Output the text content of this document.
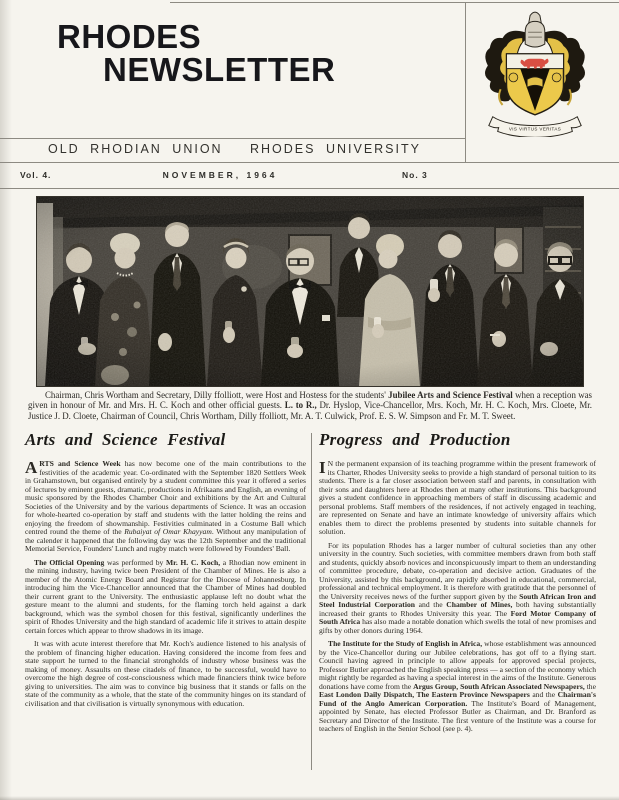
RHODES
NEWSLETTER
VIS VIRTUS VERITAS
OLD RHODIAN UNION RHODES UNIVERSITY
Vol. 4.	NOVEMBER, 1964	No. 3

Chairman, Chris Wortham and Secretary, Dilly ffolliott, were Host and Hostess for the students' Jubilee Arts and Science Festival when a reception was given in honour of Mr. and Mrs. H. C. Koch and other official guests. L. to R., Dr. Hyslop, Vice-Chancellor, Mrs. Koch, Mr. H. C. Koch, Mrs. Cloete, Mr. Justice J. D. Cloete, Chairman of Council, Chris Wortham, Dilly ffolliott, Mr. A. T. Culwick, Prof. E. S. W. Simpson and Fr. M. T. Sweet.

Arts and Science Festival

ARTS and Science Week has now become one of the main contributions to the festivities of the academic year. Co-ordinated with the September 1820 Settlers Week in Grahamstown, but organised entirely by a student committee this year it offered a series of lectures by eminent guests, dramatic, productions in Afrikaans and English, an evening of music sponsored by the Rhodes Chamber Choir and exhibitions by the Art and Cultural Societies of the University and by the various departments of Science. It was an occasion for whole-hearted co-operation by staff and students with the latter holding the reins and enjoying the freedom of showmanship. Festivities culminated in a Costume Ball which centred round the theme of the Rubaiyat of Omar Khayyam. Without any manipulation of the calender it happened that the following day was the 12th September and the traditional Memorial Service, Founders' Lunch and rugby match were followed by Founders' Ball.

The Official Opening was performed by Mr. H. C. Koch, a Rhodian now eminent in the mining industry, having twice been President of the Chamber of Mines. He is also a member of the Atomic Energy Board and Registrar for the Diocese of Johannesburg. In introducing him the Vice-Chancellor announced that the Chamber of Mines had doubled their current grant to the University. The enthusiastic applause left no doubt what the gesture meant to the alumni and students, for the flaming torch held against a dark background, which was the symbol chosen for this festival, significantly underlines the spirit of Rhodes University and the high standard of academic life it strives to attain despite certain forces which appear to throw shadows in its image.

It was with acute interest therefore that Mr. Koch's audience listened to his analysis of the problem of financing higher education. Having considered the income from fees and state support he turned to the financial strongholds of industry whose business was the making of money. Assaults on these citadels of finance, to be successful, would have to overcome the high degree of cost-consciousness which made financiers think twice before giving to universities. The aim was to convince big business that it stands or falls on the state of the community as a whole, that the state of the community hinges on its standard of civilisation and that civilisation is virtually synonymous with education.

Progress and Production

I N the permanent expansion of its teaching programme within the present framework of its Charter, Rhodes University seeks to provide a high standard of personal tuition to its students. There is a far closer association between staff and parents, in consultation with their sons and daughters here at Rhodes then at many other institutions. This background gives a student confidence in approaching members of staff in discussing academic and personal problems. Staff members of the residences, if not actively engaged in teaching, are represented on Senate and have an intimate knowledge of university affairs which enables them to direct the problems presented by students into suitable channels for solution.

For its population Rhodes has a larger number of cultural societies than any other university in the country. Such societies, with committee members drawn from both staff and students, quickly absorb novices and inconspicuously impart to them an understanding of committee procedure, debate, co-operation and decisive action. Graduates of the University, assisted by this background, are rapidly absorbed in educational, commercial, professional and technical employment. It is therefore with gratitude that the personnel of the University receives news of the further support given by the South African Iron and Steel Industrial Corporation and the Chamber of Mines, both having substantially increased their grants to Rhodes University this year. The Ford Motor Company of South Africa has also made a notable donation which swells the total of new promises and gifts by other donors during 1964.

The Institute for the Study of English in Africa, whose establishment was announced by the Vice-Chancellor during our Jubilee celebrations, has got off to a flying start. Council having agreed in principle to allow appeals for approved special projects, Professor Butler approached the English speaking press — a section of the economy which might rightly be regarded as having a special interest in the aims of the Institute. Generous donations have come from the Argus Group, South African Associated Newspapers, the East London Daily Dispatch, The Eastern Province Newspapers and the Chairman's Fund of the Anglo American Corporation. The Institute's Board of Management, appointed by Senate, has elected Professor Butler as Chairman, and Dr. Branford as Secretary and Director of the Institute. The first venture of the Institute was a course for teachers of English in the Senior School (see p. 4).
